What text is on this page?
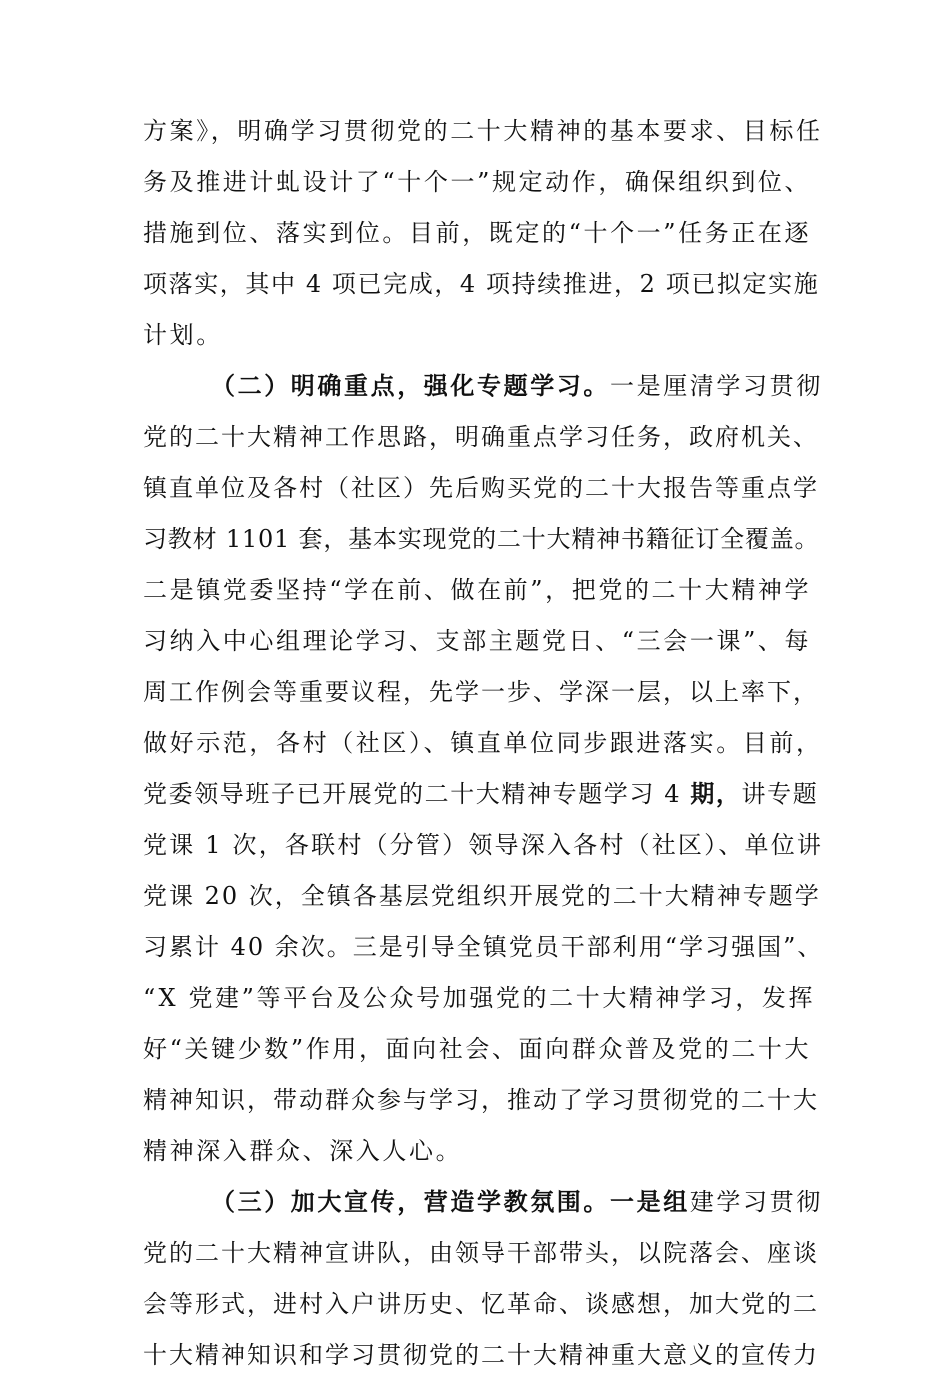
方案》，明确学习贯彻党的二十大精神的基本要求、目标任
务及推进计虬设计了“十个一”规定动作，确保组织到位、
措施到位、落实到位。目前，既定的“十个一”任务正在逐
项落实，其中 4 项已完成，4 项持续推进，2 项已拟定实施
计划。
（二）明确重点，强化专题学习。一是厘清学习贯彻
党的二十大精神工作思路，明确重点学习任务，政府机关、
镇直单位及各村（社区）先后购买党的二十大报告等重点学
习教材 1101 套，基本实现党的二十大精神书籍征订全覆盖。
二是镇党委坚持“学在前、做在前”，把党的二十大精神学
习纳入中心组理论学习、支部主题党日、“三会一课”、每
周工作例会等重要议程，先学一步、学深一层，以上率下，
做好示范，各村（社区）、镇直单位同步跟进落实。目前，
党委领导班子已开展党的二十大精神专题学习 4 期，讲专题
党课 1 次，各联村（分管）领导深入各村（社区）、单位讲
党课 20 次，全镇各基层党组织开展党的二十大精神专题学
习累计 40 余次。三是引导全镇党员干部利用“学习强国”、
“X 党建”等平台及公众号加强党的二十大精神学习，发挥
好“关键少数”作用，面向社会、面向群众普及党的二十大
精神知识，带动群众参与学习，推动了学习贯彻党的二十大
精神深入群众、深入人心。
（三）加大宣传，营造学教氛围。一是组建学习贯彻
党的二十大精神宣讲队，由领导干部带头，以院落会、座谈
会等形式，进村入户讲历史、忆革命、谈感想，加大党的二
十大精神知识和学习贯彻党的二十大精神重大意义的宣传力
